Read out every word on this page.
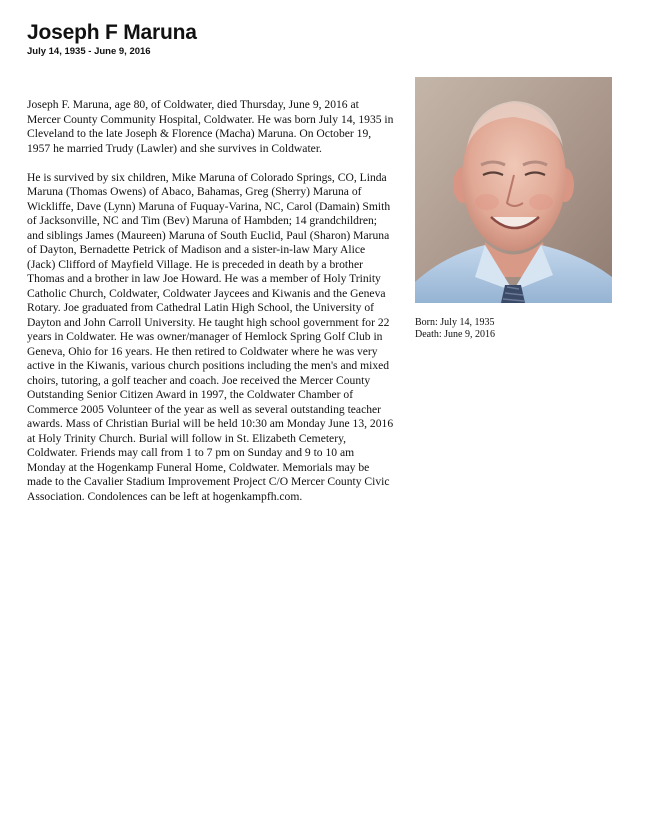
Joseph F Maruna
July 14, 1935 - June 9, 2016

Joseph F. Maruna, age 80, of Coldwater, died Thursday, June 9, 2016 at Mercer County Community Hospital, Coldwater. He was born July 14, 1935 in Cleveland to the late Joseph & Florence (Macha) Maruna. On October 19, 1957 he married Trudy (Lawler) and she survives in Coldwater.

He is survived by six children, Mike Maruna of Colorado Springs, CO, Linda Maruna (Thomas Owens) of Abaco, Bahamas, Greg (Sherry) Maruna of Wickliffe, Dave (Lynn) Maruna of Fuquay-Varina, NC, Carol (Damain) Smith of Jacksonville, NC and Tim (Bev) Maruna of Hambden; 14 grandchildren; and siblings James (Maureen) Maruna of South Euclid, Paul (Sharon) Maruna of Dayton, Bernadette Petrick of Madison and a sister-in-law Mary Alice (Jack) Clifford of Mayfield Village. He is preceded in death by a brother Thomas and a brother in law Joe Howard. He was a member of Holy Trinity Catholic Church, Coldwater, Coldwater Jaycees and Kiwanis and the Geneva Rotary. Joe graduated from Cathedral Latin High School, the University of Dayton and John Carroll University. He taught high school government for 22 years in Coldwater. He was owner/manager of Hemlock Spring Golf Club in Geneva, Ohio for 16 years. He then retired to Coldwater where he was very active in the Kiwanis, various church positions including the men's and mixed choirs, tutoring, a golf teacher and coach. Joe received the Mercer County Outstanding Senior Citizen Award in 1997, the Coldwater Chamber of Commerce 2005 Volunteer of the year as well as several outstanding teacher awards. Mass of Christian Burial will be held 10:30 am Monday June 13, 2016 at Holy Trinity Church. Burial will follow in St. Elizabeth Cemetery, Coldwater. Friends may call from 1 to 7 pm on Sunday and 9 to 10 am Monday at the Hogenkamp Funeral Home, Coldwater. Memorials may be made to the Cavalier Stadium Improvement Project C/O Mercer County Civic Association. Condolences can be left at hogenkampfh.com.

Born: July 14, 1935
Death: June 9, 2016
